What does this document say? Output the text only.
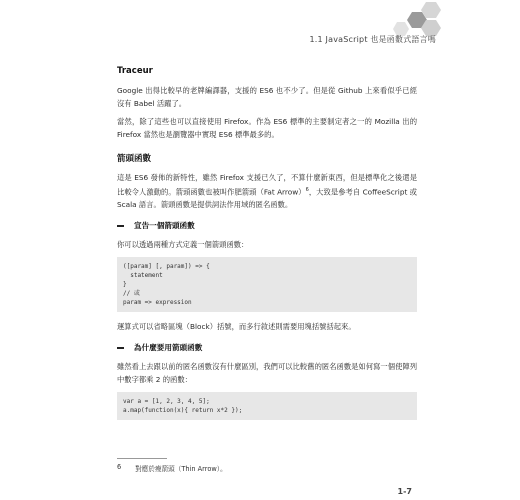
1.1 JavaScript 也是函數式語言嗎

Traceur

Google 出得比較早的老牌編譯器，支援的 ES6 也不少了。但是從 Github 上來看似乎已經沒有 Babel 活躍了。

當然，除了這些也可以直接使用 Firefox。作為 ES6 標準的主要制定者之一的 Mozilla 出的 Firefox 當然也是瀏覽器中實現 ES6 標準最多的。

箭頭函數

這是 ES6 發佈的新特性，雖然 Firefox 支援已久了，不算什麼新東西，但是標準化之後還是比較令人激動的。箭頭函數也被叫作肥箭頭（Fat Arrow）$^6$，大致是參考自 CoffeeScript 或 Scala 語言。箭頭函數是提供詞法作用域的匿名函數。

宣告一個箭頭函數

你可以透過兩種方式定義一個箭頭函數：

([param] [, param]) => {
statement
}
// 或
param => expression

運算式可以省略區塊（Block）括號，而多行敘述則需要用塊括號括起來。

為什麼要用箭頭函數

雖然看上去跟以前的匿名函數沒有什麼區別，我們可以比較舊的匿名函數是如何寫一個使陣列中數字都乘 2 的函數：

var a = [1, 2, 3, 4, 5];
a.map(function(x){ return x*2 });
6 對應於瘦箭頭（Thin Arrow）。
1-7
